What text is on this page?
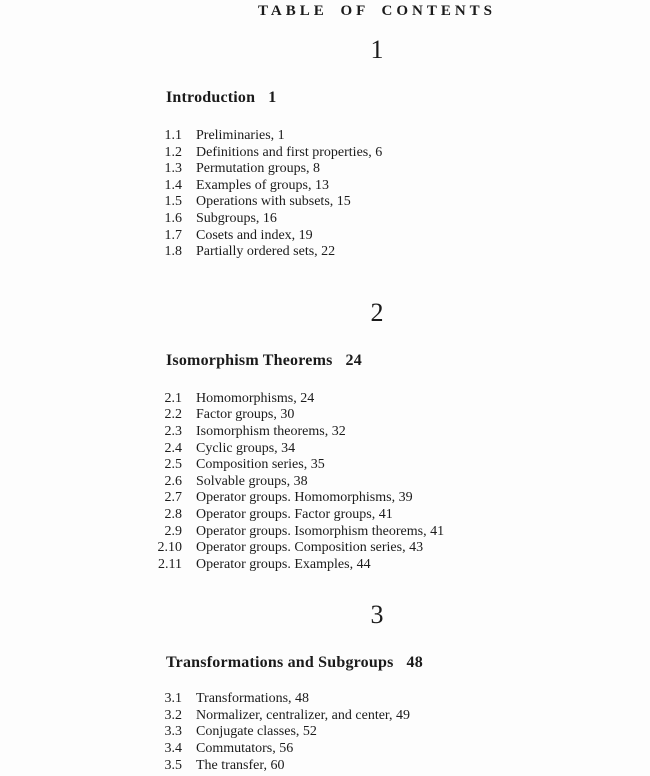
TABLE OF CONTENTS
1
Introduction 1
1.1 Preliminaries, 1
1.2 Definitions and first properties, 6
1.3 Permutation groups, 8
1.4 Examples of groups, 13
1.5 Operations with subsets, 15
1.6 Subgroups, 16
1.7 Cosets and index, 19
1.8 Partially ordered sets, 22
2
Isomorphism Theorems 24
2.1 Homomorphisms, 24
2.2 Factor groups, 30
2.3 Isomorphism theorems, 32
2.4 Cyclic groups, 34
2.5 Composition series, 35
2.6 Solvable groups, 38
2.7 Operator groups. Homomorphisms, 39
2.8 Operator groups. Factor groups, 41
2.9 Operator groups. Isomorphism theorems, 41
2.10 Operator groups. Composition series, 43
2.11 Operator groups. Examples, 44
3
Transformations and Subgroups 48
3.1 Transformations, 48
3.2 Normalizer, centralizer, and center, 49
3.3 Conjugate classes, 52
3.4 Commutators, 56
3.5 The transfer, 60
